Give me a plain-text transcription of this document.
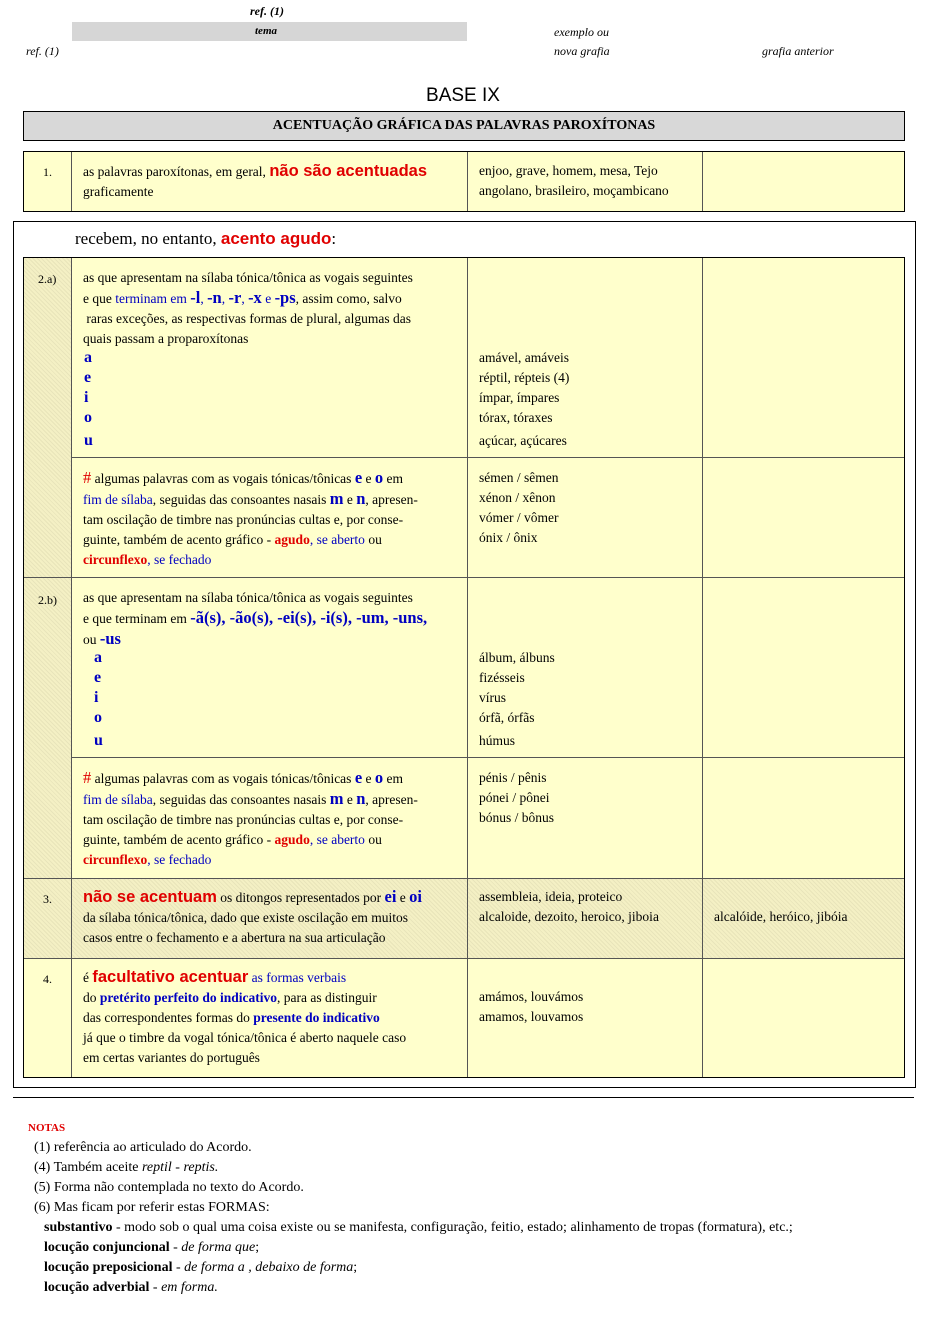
ref. (1)
tema
ref. (1)
exemplo ou
nova grafia	grafia anterior
BASE IX
ACENTUAÇÃO GRÁFICA DAS PALAVRAS PAROXÍTONAS
1. as palavras paroxítonas, em geral, não são acentuadas
graficamente
enjoo, grave, homem, mesa, Tejo
angolano, brasileiro, moçambicano
recebem, no entanto, acento agudo:
2.a) as que apresentam na sílaba tónica/tônica as vogais seguintes
e que terminam em -l, -n, -r, -x e -ps, assim como, salvo
raras exceções, as respectivas formas de plural, algumas das
quais passam a proparoxítonas
a
e
i
o
u
amável, amáveis
réptil, répteis (4)
ímpar, ímpares
tórax, tóraxes
açúcar, açúcares
# algumas palavras com as vogais tónicas/tônicas e e o em
fim de sílaba, seguidas das consoantes nasais m e n, apresen-
tam oscilação de timbre nas pronúncias cultas e, por conse-
guinte, também de acento gráfico - agudo, se aberto ou
circunflexo, se fechado
sémen / sêmen
xénon / xênon
vómer / vômer
ónix / ônix
2.b) as que apresentam na sílaba tónica/tônica as vogais seguintes
e que terminam em -ã(s), -ão(s), -ei(s), -i(s), -um, -uns,
ou -us
a
e
i
o
u
álbum, álbuns
fizésseis
vírus
órfã, órfãs
húmus
# algumas palavras com as vogais tónicas/tônicas e e o em
fim de sílaba, seguidas das consoantes nasais m e n, apresen-
tam oscilação de timbre nas pronúncias cultas e, por conse-
guinte, também de acento gráfico - agudo, se aberto ou
circunflexo, se fechado
pénis / pênis
pónei / pônei
bónus / bônus
3. não se acentuam os ditongos representados por ei e oi
da sílaba tónica/tônica, dado que existe oscilação em muitos
casos entre o fechamento e a abertura na sua articulação
assembleia, ideia, proteico
alcaloide, dezoito, heroico, jiboia	alcalóide, heróico, jibóia
4. é facultativo acentuar as formas verbais
do pretérito perfeito do indicativo, para as distinguir
das correspondentes formas do presente do indicativo
já que o timbre da vogal tónica/tônica é aberto naquele caso
em certas variantes do português
amámos, louvámos
amamos, louvamos
NOTAS
(1) referência ao articulado do Acordo.
(4) Também aceite reptil - reptis.
(5) Forma não contemplada no texto do Acordo.
(6) Mas ficam por referir estas FORMAS:
substantivo - modo sob o qual uma coisa existe ou se manifesta, configuração, feitio, estado; alinhamento de tropas (formatura), etc.;
locução conjuncional - de forma que;
locução preposicional - de forma a , debaixo de forma;
locução adverbial - em forma.
